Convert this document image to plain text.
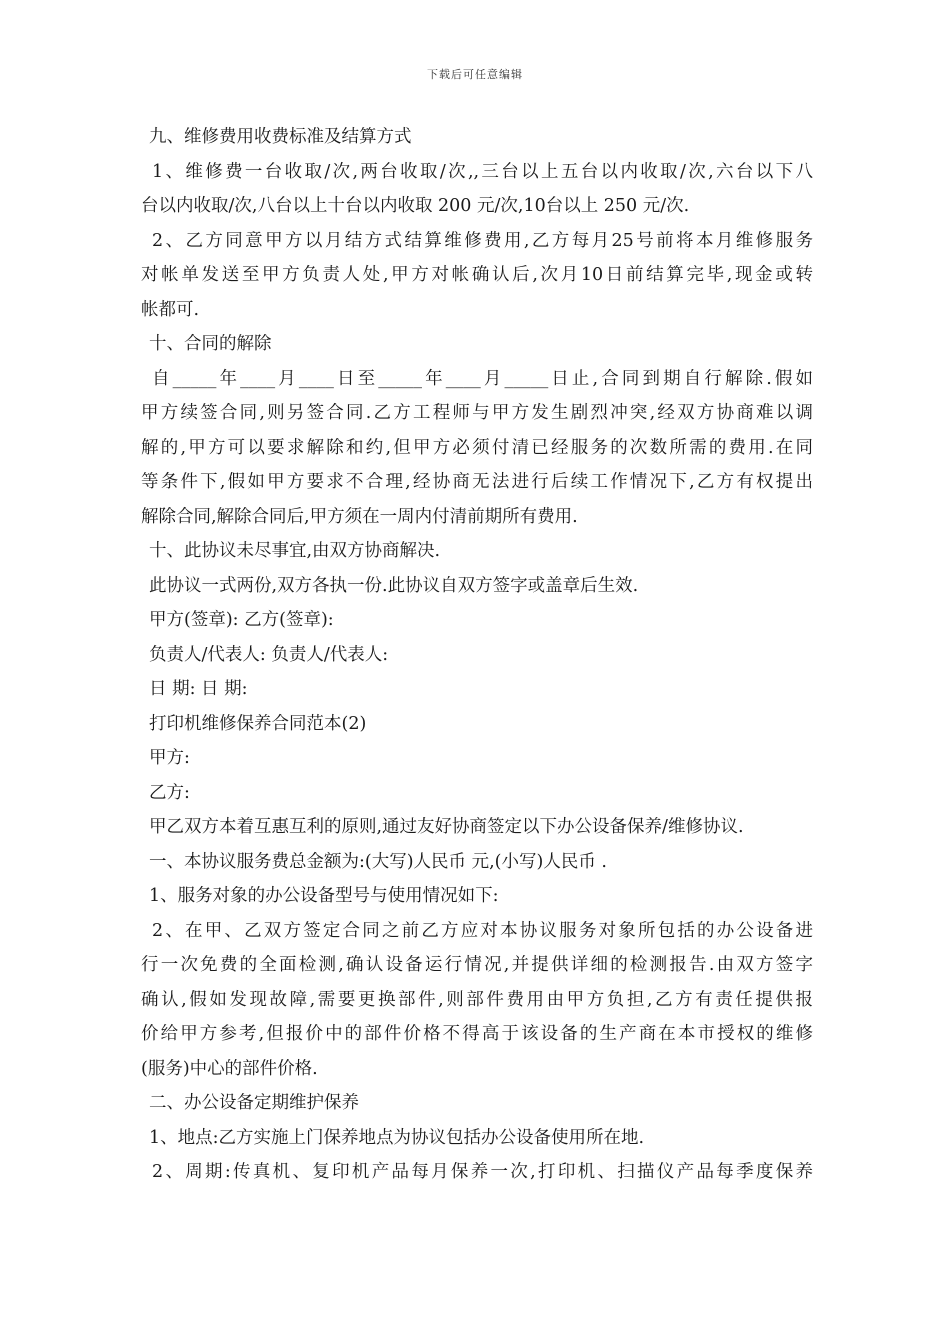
下载后可任意编辑
九、维修费用收费标准及结算方式
1、维修费一台收取/次,两台收取/次,,三台以上五台以内收取/次,六台以下八
台以内收取/次,八台以上十台以内收取 200 元/次,10台以上 250 元/次.
2、乙方同意甲方以月结方式结算维修费用,乙方每月25号前将本月维修服务
对帐单发送至甲方负责人处,甲方对帐确认后,次月10日前结算完毕,现金或转
帐都可.
十、合同的解除
自_____年____月____日至_____年____月_____日止,合同到期自行解除.假如
甲方续签合同,则另签合同.乙方工程师与甲方发生剧烈冲突,经双方协商难以调
解的,甲方可以要求解除和约,但甲方必须付清已经服务的次数所需的费用.在同
等条件下,假如甲方要求不合理,经协商无法进行后续工作情况下,乙方有权提出
解除合同,解除合同后,甲方须在一周内付清前期所有费用.
十、此协议未尽事宜,由双方协商解决.
此协议一式两份,双方各执一份.此协议自双方签字或盖章后生效.
甲方(签章): 乙方(签章):
负责人/代表人: 负责人/代表人:
日 期: 日 期:
打印机维修保养合同范本(2)
甲方:
乙方:
甲乙双方本着互惠互利的原则,通过友好协商签定以下办公设备保养/维修协议.
一、本协议服务费总金额为:(大写)人民币 元,(小写)人民币 .
1、服务对象的办公设备型号与使用情况如下:
2、在甲、乙双方签定合同之前乙方应对本协议服务对象所包括的办公设备进
行一次免费的全面检测,确认设备运行情况,并提供详细的检测报告.由双方签字
确认,假如发现故障,需要更换部件,则部件费用由甲方负担,乙方有责任提供报
价给甲方参考,但报价中的部件价格不得高于该设备的生产商在本市授权的维修
(服务)中心的部件价格.
二、办公设备定期维护保养
1、地点:乙方实施上门保养地点为协议包括办公设备使用所在地.
2、周期:传真机、复印机产品每月保养一次,打印机、扫描仪产品每季度保养
